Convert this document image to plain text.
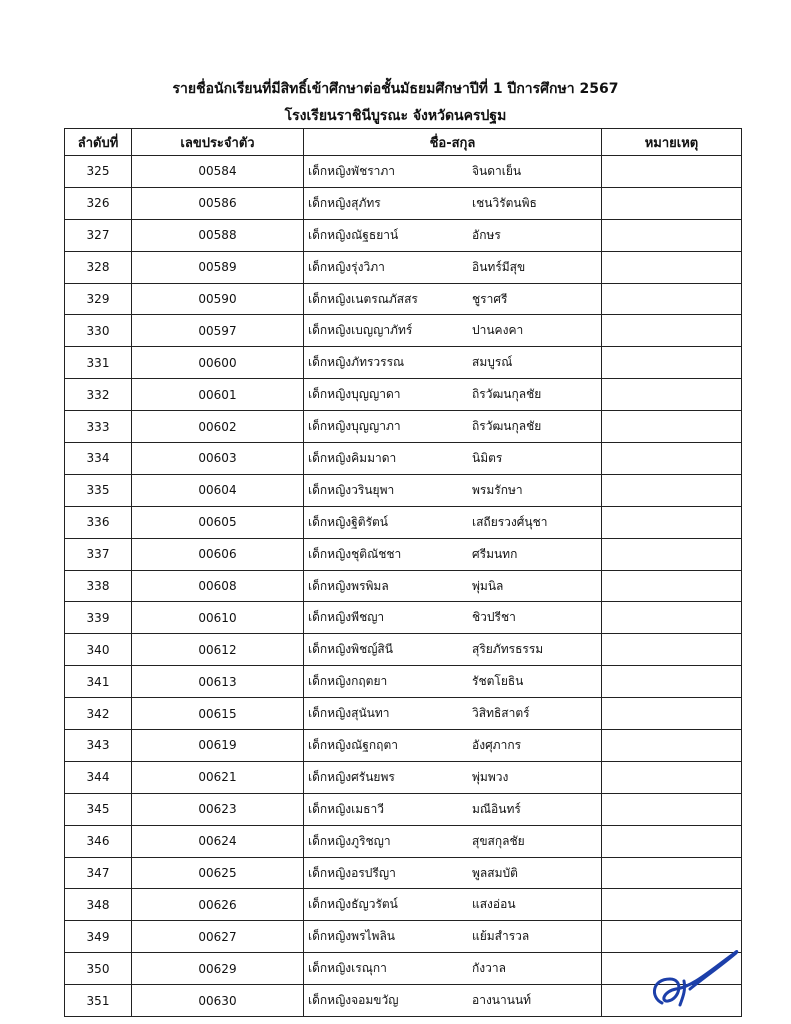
รายชื่อนักเรียนที่มีสิทธิ์เข้าศึกษาต่อชั้นมัธยมศึกษาปีที่ 1 ปีการศึกษา 2567
โรงเรียนราชินีบูรณะ จังหวัดนครปฐม
ลำดับที่	เลขประจำตัว	ชื่อ-สกุล	หมายเหตุ
325	00584	เด็กหญิงพัชราภา จินดาเย็น	

326	00586	เด็กหญิงสุภัทร เชนวิรัตนพิธ	

327	00588	เด็กหญิงณัฐธยาน์ อักษร	

328	00589	เด็กหญิงรุ่งวิภา อินทร์มีสุข	

329	00590	เด็กหญิงเนตรณภัสสร ชูราศรี	

330	00597	เด็กหญิงเบญญาภัทร์ ปานคงคา	

331	00600	เด็กหญิงภัทรวรรณ สมบูรณ์	

332	00601	เด็กหญิงบุญญาดา ถิรวัฒนกุลชัย	

333	00602	เด็กหญิงบุญญาภา ถิรวัฒนกุลชัย	

334	00603	เด็กหญิงคิมมาดา นิมิตร	

335	00604	เด็กหญิงวรินยุพา พรมรักษา	

336	00605	เด็กหญิงฐิติรัตน์ เสถียรวงศ์นุชา	

337	00606	เด็กหญิงชุติณัชชา ศรีมนทก	

338	00608	เด็กหญิงพรพิมล พุ่มนิล	

339	00610	เด็กหญิงพีชญา ชิวปรีชา	

340	00612	เด็กหญิงพิชญ์สินี สุริยภัทรธรรม	

341	00613	เด็กหญิงกฤตยา รัชตโยธิน	

342	00615	เด็กหญิงสุนันทา วิสิทธิสาตร์	

343	00619	เด็กหญิงณัฐกฤตา อังศุภากร	

344	00621	เด็กหญิงศรันยพร พุ่มพวง	

345	00623	เด็กหญิงเมธาวี มณีอินทร์	

346	00624	เด็กหญิงภูริชญา สุขสกุลชัย	

347	00625	เด็กหญิงอรปรีญา พูลสมบัติ	

348	00626	เด็กหญิงธัญวรัตน์ แสงอ่อน	

349	00627	เด็กหญิงพรไพลิน แย้มสำรวล	

350	00629	เด็กหญิงเรณุกา กังวาล	

351	00630	เด็กหญิงจอมขวัญ อางนานนท์	
